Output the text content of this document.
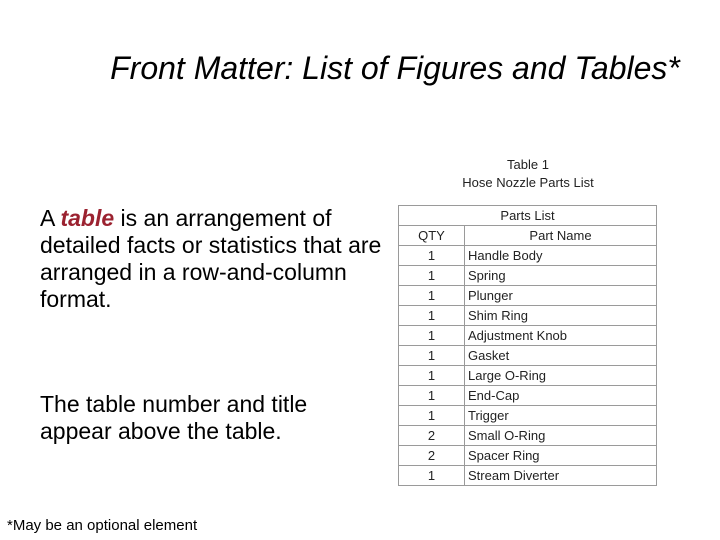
Front Matter: List of Figures and Tables*
A table is an arrangement of detailed facts or statistics that are arranged in a row-and-column format.
The table number and title appear above the table.
Table 1
Hose Nozzle Parts List
Parts List	
QTY	Part Name
1	Handle Body
1	Spring
1	Plunger
1	Shim Ring
1	Adjustment Knob
1	Gasket
1	Large O-Ring
1	End-Cap
1	Trigger
2	Small O-Ring
2	Spacer Ring
1	Stream Diverter
*May be an optional element
